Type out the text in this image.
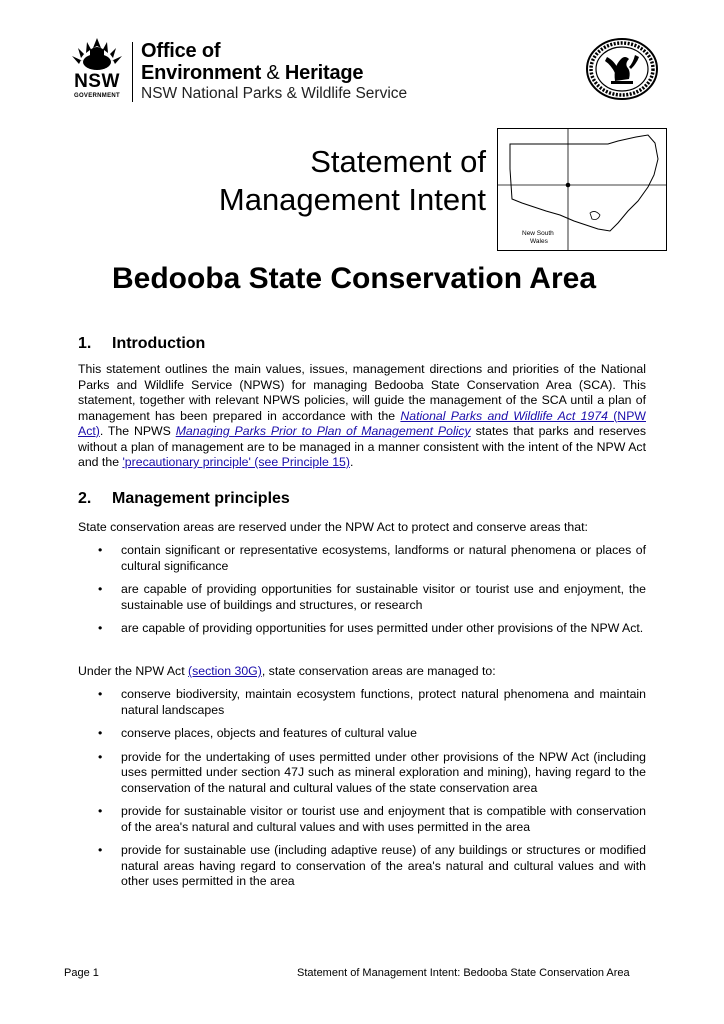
NSW
GOVERNMENT
Office of
Environment & Heritage
NSW National Parks & Wildlife Service
Statement of
Management Intent
New South
Wales
Bedooba State Conservation Area
1. Introduction

This statement outlines the main values, issues, management directions and priorities of the National Parks and Wildlife Service (NPWS) for managing Bedooba State Conservation Area (SCA). This statement, together with relevant NPWS policies, will guide the management of the SCA until a plan of management has been prepared in accordance with the National Parks and Wildlife Act 1974 (NPW Act). The NPWS Managing Parks Prior to Plan of Management Policy states that parks and reserves without a plan of management are to be managed in a manner consistent with the intent of the NPW Act and the 'precautionary principle' (see Principle 15).

2. Management principles

State conservation areas are reserved under the NPW Act to protect and conserve areas that:

• contain significant or representative ecosystems, landforms or natural phenomena or places of cultural significance
• are capable of providing opportunities for sustainable visitor or tourist use and enjoyment, the sustainable use of buildings and structures, or research
• are capable of providing opportunities for uses permitted under other provisions of the NPW Act.

Under the NPW Act (section 30G), state conservation areas are managed to:

• conserve biodiversity, maintain ecosystem functions, protect natural phenomena and maintain natural landscapes
• conserve places, objects and features of cultural value
• provide for the undertaking of uses permitted under other provisions of the NPW Act (including uses permitted under section 47J such as mineral exploration and mining), having regard to the conservation of the natural and cultural values of the state conservation area
• provide for sustainable visitor or tourist use and enjoyment that is compatible with conservation of the area's natural and cultural values and with uses permitted in the area
• provide for sustainable use (including adaptive reuse) of any buildings or structures or modified natural areas having regard to conservation of the area's natural and cultural values and with other uses permitted in the area
Page 1	Statement of Management Intent: Bedooba State Conservation Area
